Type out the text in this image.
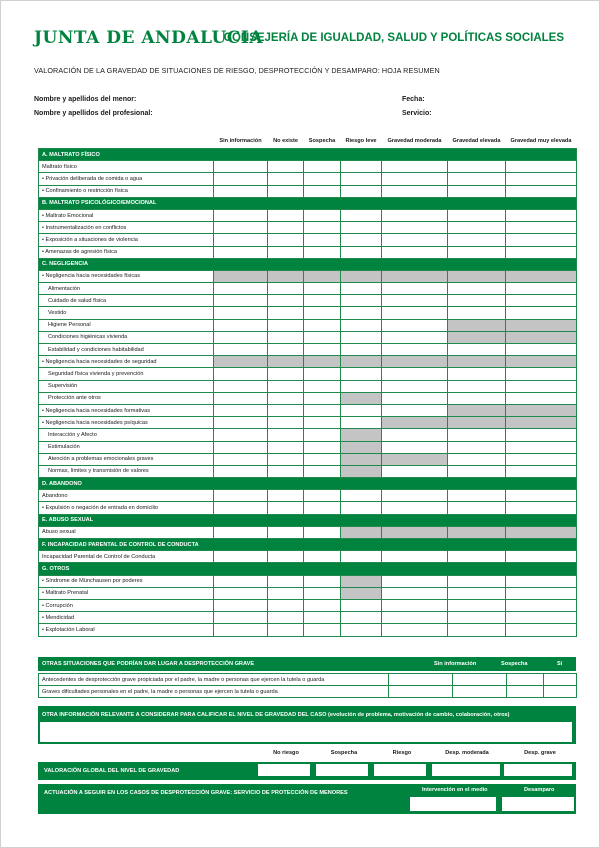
JUNTA DE ANDALUCIA
CONSEJERÍA DE IGUALDAD, SALUD Y POLÍTICAS SOCIALES
VALORACIÓN DE LA GRAVEDAD DE SITUACIONES DE RIESGO, DESPROTECCIÓN Y DESAMPARO: HOJA RESUMEN
Nombre y apellidos del menor:
Nombre y apellidos del profesional:
Fecha:
Servicio:
	Sin información	No existe	Sospecha	Riesgo leve	Gravedad moderada	Gravedad elevada	Gravedad muy elevada
A. MALTRATO FÍSICO							
Maltrato físico							
• Privación deliberada de comida o agua							
• Confinamiento o restricción física							
B. MALTRATO PSICOLÓGICO/EMOCIONAL							
• Maltrato Emocional							
• Instrumentalización en conflictos							
• Exposición a situaciones de violencia							
• Amenazas de agresión física							
C. NEGLIGENCIA							
• Negligencia hacia necesidades físicas							
Alimentación							
Cuidado de salud física							
Vestido							
Higiene Personal							
Condiciones higiénicas vivienda							
Estabilidad y condiciones habitabilidad							
• Negligencia hacia necesidades de seguridad							
Seguridad física vivienda y prevención							
Supervisión							
Protección ante otros							
• Negligencia hacia necesidades formativas							
• Negligencia hacia necesidades psíquicas							
Interacción y Afecto							
Estimulación							
Atención a problemas emocionales graves							
Normas, límites y transmisión de valores							
D. ABANDONO							
Abandono							
• Expulsión o negación de entrada en domicilio							
E. ABUSO SEXUAL							
Abuso sexual							
F. INCAPACIDAD PARENTAL DE CONTROL DE CONDUCTA							
Incapacidad Parental de Control de Conducta							
G. OTROS							
• Síndrome de Münchausen por poderes							
• Maltrato Prenatal							
• Corrupción							
• Mendicidad							
• Explotación Laboral							
OTRAS SITUACIONES QUE PODRÍAN DAR LUGAR A DESPROTECCIÓN GRAVE	Sin información	Sospecha	Sí	No
Antecedentes de desprotección grave propiciada por el padre, la madre o personas que ejercen la tutela o guarda				
Graves dificultades personales en el padre, la madre o personas que ejercen la tutela o guarda				
OTRA INFORMACIÓN RELEVANTE A CONSIDERAR PARA CALIFICAR EL NIVEL DE GRAVEDAD DEL CASO (evolución de problema, motivación de cambio, colaboración, otros)
No riesgo	Sospecha	Riesgo	Desp. moderada	Desp. grave
VALORACIÓN GLOBAL DEL NIVEL DE GRAVEDAD
ACTUACIÓN A SEGUIR EN LOS CASOS DE DESPROTECCIÓN GRAVE: SERVICIO DE PROTECCIÓN DE MENORES	Intervención en el medio	Desamparo
